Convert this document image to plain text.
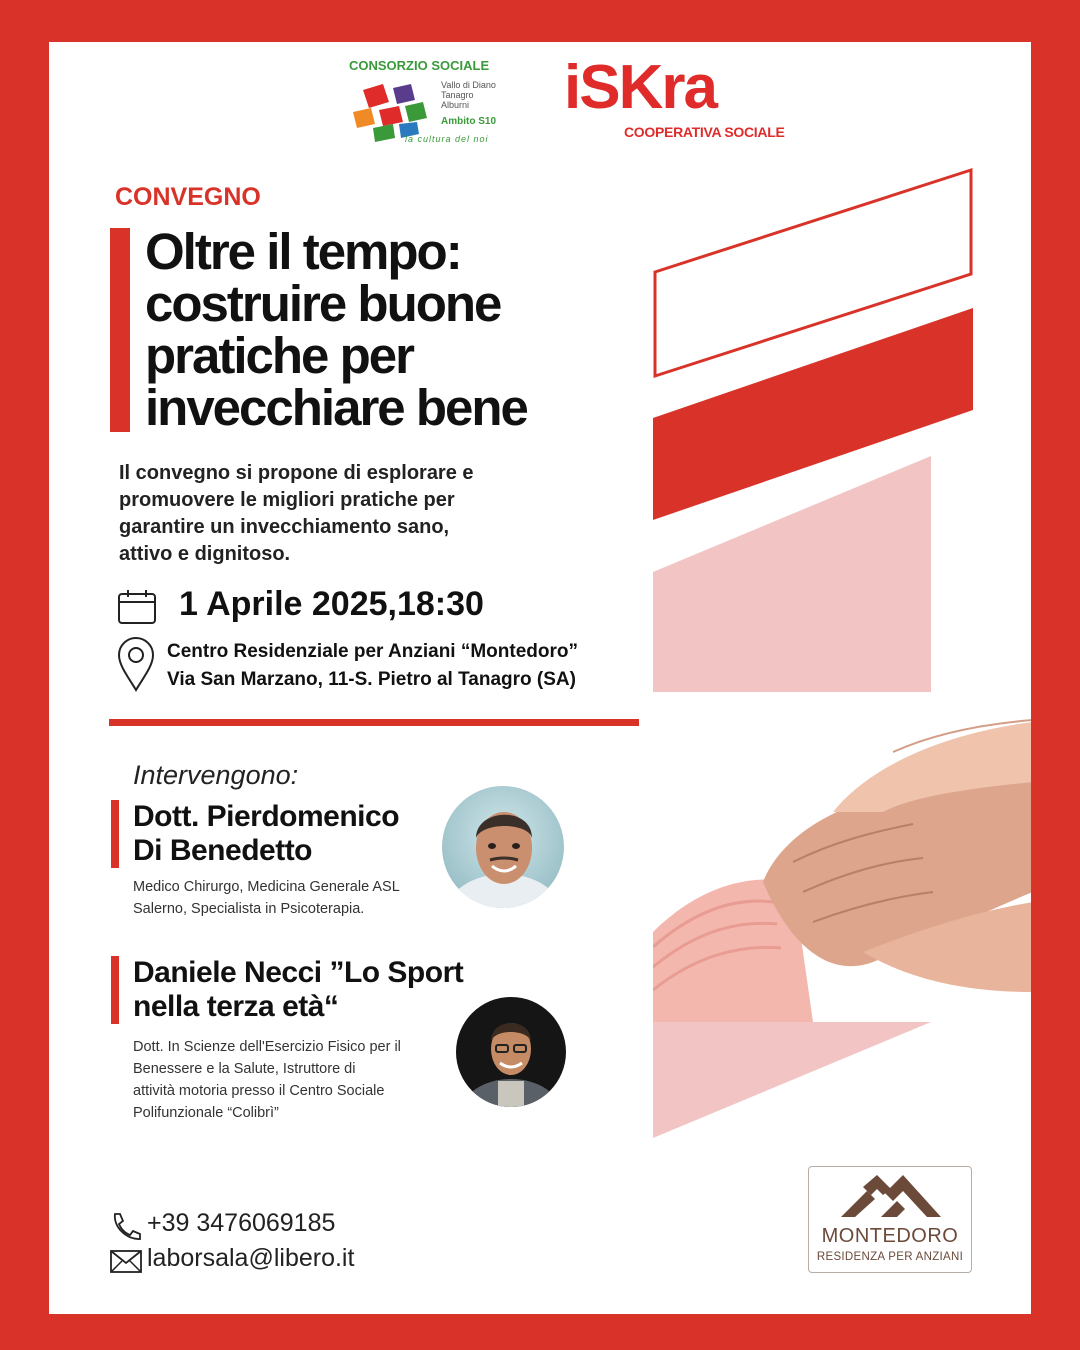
CONSORZIO SOCIALE
Vallo di Diano
Tanagro
Alburni
Ambito S10
la cultura del noi
iSKra
COOPERATIVA SOCIALE
CONVEGNO
Oltre il tempo:
costruire buone
pratiche per
invecchiare bene
Il convegno si propone di esplorare e
promuovere le migliori pratiche per
garantire un invecchiamento sano,
attivo e dignitoso.
1 Aprile 2025,18:30
Centro Residenziale per Anziani “Montedoro”
Via San Marzano, 11-S. Pietro al Tanagro (SA)
Intervengono:
Dott. Pierdomenico
Di Benedetto
Medico Chirurgo, Medicina Generale ASL
Salerno, Specialista in Psicoterapia.
Daniele Necci ”Lo Sport
nella terza età“
Dott. In Scienze dell'Esercizio Fisico per il
Benessere e la Salute, Istruttore di
attività motoria presso il Centro Sociale
Polifunzionale “Colibrì”
+39 3476069185
laborsala@libero.it
MONTEDORO
RESIDENZA PER ANZIANI
